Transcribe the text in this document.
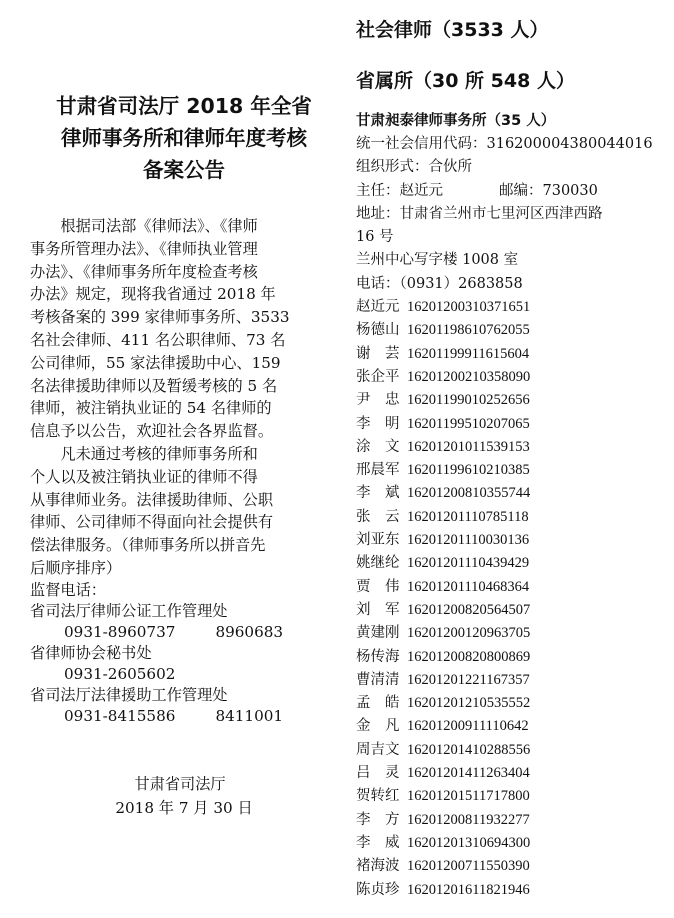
甘肃省司法厅 2018 年全省
律师事务所和律师年度考核
备案公告
　　根据司法部《律师法》、《律师
事务所管理办法》、《律师执业管理
办法》、《律师事务所年度检查考核
办法》规定，现将我省通过 2018 年
考核备案的 399 家律师事务所、3533
名社会律师、411 名公职律师、73 名
公司律师，55 家法律援助中心、159
名法律援助律师以及暂缓考核的 5 名
律师，被注销执业证的 54 名律师的
信息予以公告，欢迎社会各界监督。
　　凡未通过考核的律师事务所和
个人以及被注销执业证的律师不得
从事律师业务。法律援助律师、公职
律师、公司律师不得面向社会提供有
偿法律服务。（律师事务所以拼音先
后顺序排序）
监督电话：
省司法厅律师公证工作管理处
0931-8960737	8960683
省律师协会秘书处
0931-2605602
省司法厅法律援助工作管理处
0931-8415586	8411001
甘肃省司法厅
2018 年 7 月 30 日
社会律师（3533 人）
省属所（30 所 548 人）
甘肃昶泰律师事务所（35 人）
统一社会信用代码：316200004380044016
组织形式：合伙所
主任：赵近元	邮编：730030
地址：甘肃省兰州市七里河区西津西路
16 号
兰州中心写字楼 1008 室
电话：（0931）2683858
赵近元 16201200310371651
杨德山 16201198610762055
谢　芸 16201199911615604
张企平 16201200210358090
尹　忠 16201199010252656
李　明 16201199510207065
涂　文 16201201011539153
邢晨军 16201199610210385
李　斌 16201200810355744
张　云 16201201110785118
刘亚东 16201201110030136
姚继纶 16201201110439429
贾　伟 16201201110468364
刘　军 16201200820564507
黄建刚 16201200120963705
杨传海 16201200820800869
曹清清 16201201221167357
孟　皓 16201201210535552
金　凡 16201200911110642
周吉文 16201201410288556
吕　灵 16201201411263404
贺转红 16201201511717800
李　方 16201200811932277
李　威 16201201310694300
褚海波 16201200711550390
陈贞珍 16201201611821946
